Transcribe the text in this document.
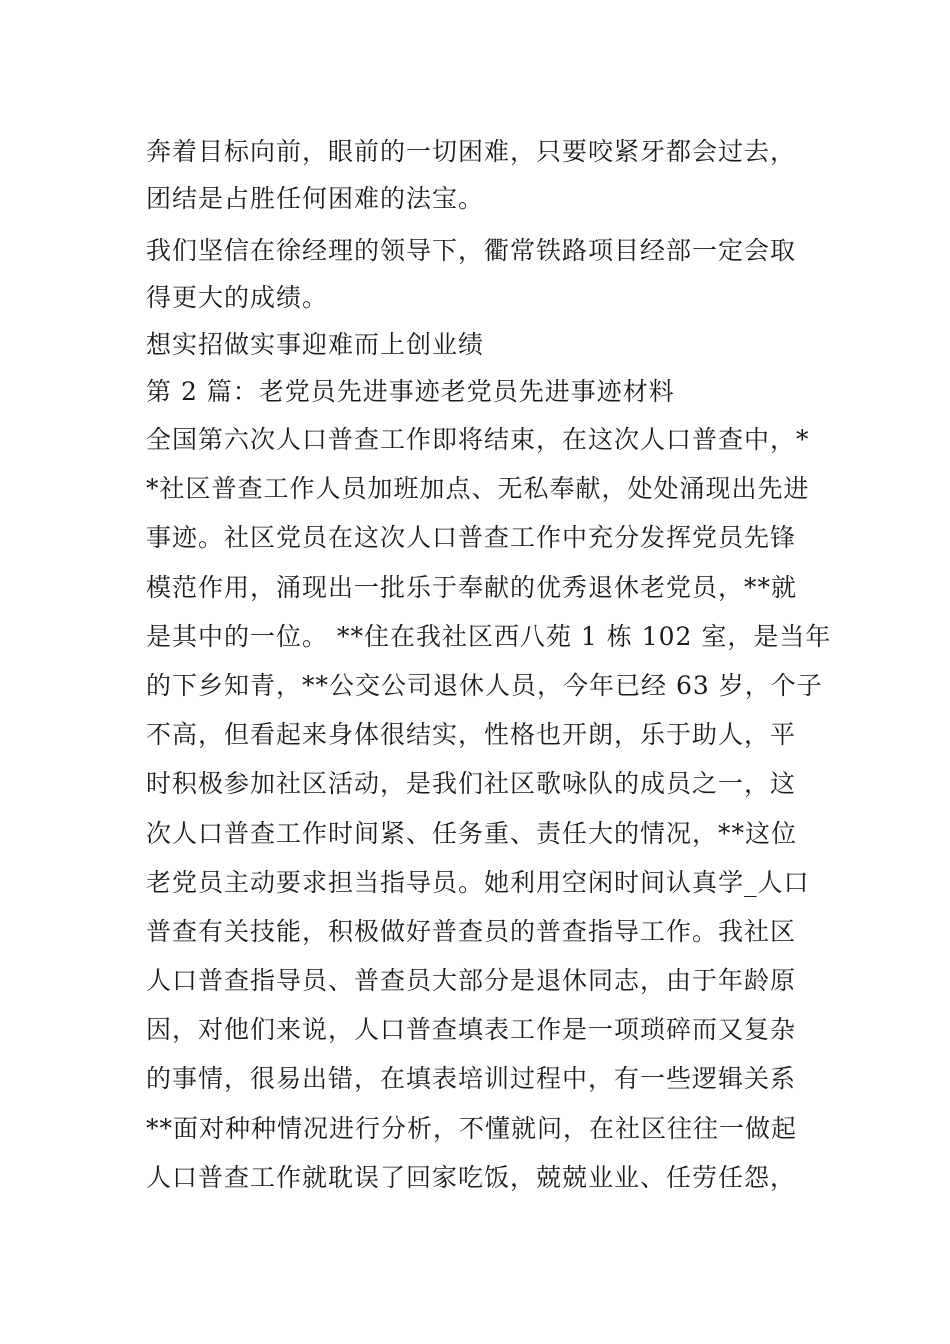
奔着目标向前，眼前的一切困难，只要咬紧牙都会过去，
团结是占胜任何困难的法宝。
我们坚信在徐经理的领导下，衢常铁路项目经部一定会取
得更大的成绩。
想实招做实事迎难而上创业绩
第 2 篇：老党员先进事迹老党员先进事迹材料
全国第六次人口普查工作即将结束，在这次人口普查中，*
*社区普查工作人员加班加点、无私奉献，处处涌现出先进
事迹。社区党员在这次人口普查工作中充分发挥党员先锋
模范作用，涌现出一批乐于奉献的优秀退休老党员，**就
是其中的一位。 **住在我社区西八苑 1 栋 102 室，是当年
的下乡知青，**公交公司退休人员，今年已经 63 岁，个子
不高，但看起来身体很结实，性格也开朗，乐于助人，平
时积极参加社区活动，是我们社区歌咏队的成员之一，这
次人口普查工作时间紧、任务重、责任大的情况，**这位
老党员主动要求担当指导员。她利用空闲时间认真学_人口
普查有关技能，积极做好普查员的普查指导工作。我社区
人口普查指导员、普查员大部分是退休同志，由于年龄原
因，对他们来说，人口普查填表工作是一项琐碎而又复杂
的事情，很易出错，在填表培训过程中，有一些逻辑关系
**面对种种情况进行分析，不懂就问，在社区往往一做起
人口普查工作就耽误了回家吃饭，兢兢业业、任劳任怨，
